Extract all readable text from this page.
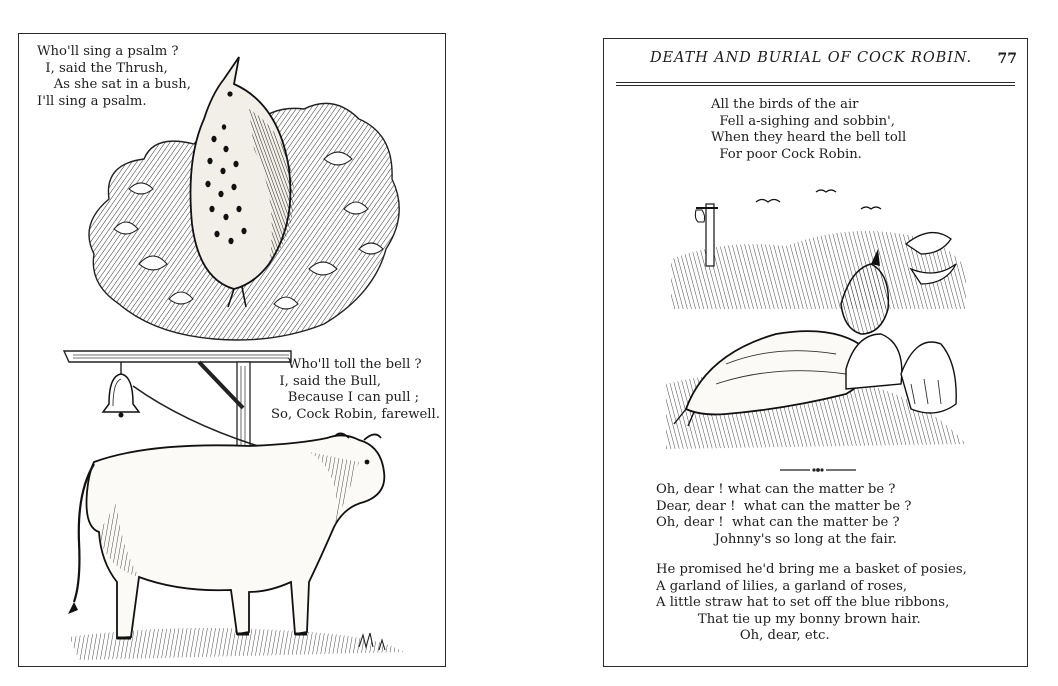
Who'll sing a psalm ?
I, said the Thrush,
As she sat in a bush,
I'll sing a psalm.
Who'll toll the bell ?
I, said the Bull,
Because I can pull ;
So, Cock Robin, farewell.
DEATH AND BURIAL OF COCK ROBIN. 77
All the birds of the air
Fell a-sighing and sobbin',
When they heard the bell toll
For poor Cock Robin.
Oh, dear ! what can the matter be ?
Dear, dear !  what can the matter be ?
Oh, dear !  what can the matter be ?
Johnny's so long at the fair.
He promised he'd bring me a basket of posies,
A garland of lilies, a garland of roses,
A little straw hat to set off the blue ribbons,
That tie up my bonny brown hair.
Oh, dear, etc.
